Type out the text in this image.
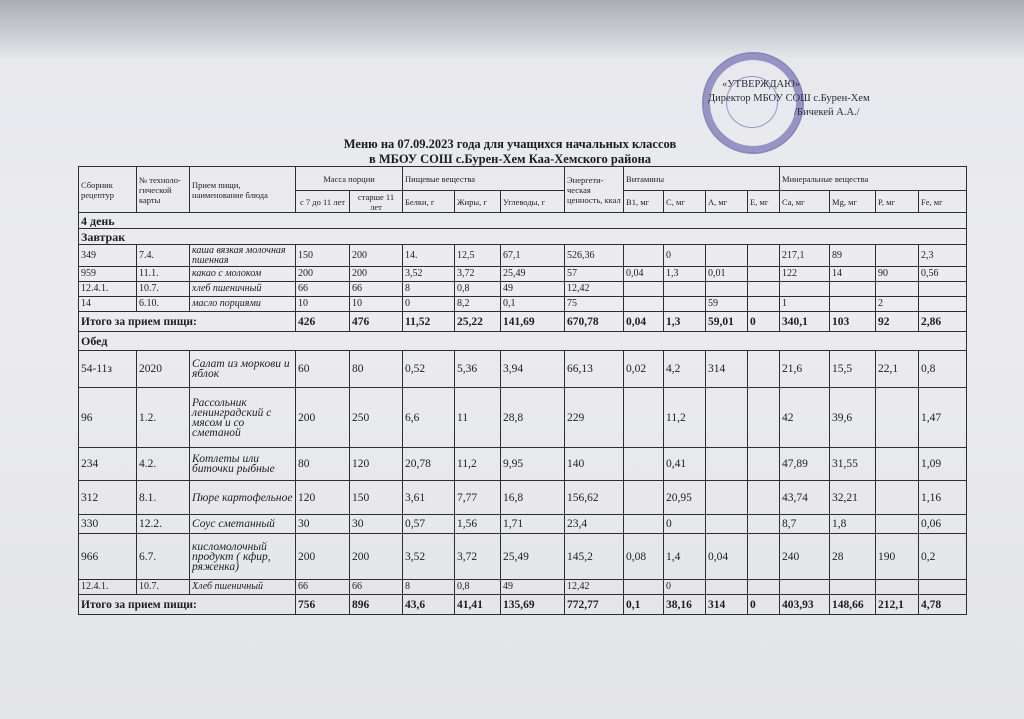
«УТВЕРЖДАЮ»
Директор МБОУ СОШ с.Бурен-Хем
/Бичекей А.А./
Меню на 07.09.2023 года для учащихся начальных классов
в МБОУ СОШ с.Бурен-Хем Каа-Хемского района
Сборник рецептур	№ техноло-гической карты	Прием пищи, наименование блюда	Масса порции		Пищевые вещества			Энергети-ческая ценность, ккал	Витамины				Минеральные вещества			
			с 7 до 11 лет	старше 11 лет	Белки, г	Жиры, г	Углеводы, г		В1, мг	С, мг	А, мг	Е, мг	Ca, мг	Mg, мг	P, мг	Fe, мг
4 день																
Завтрак																
349	7.4.	каша вязкая молочная пшенная	150	200	14.	12,5	67,1	526,36		0			217,1	89		2,3
959	11.1.	какао с молоком	200	200	3,52	3,72	25,49	57	0,04	1,3	0,01		122	14	90	0,56
12.4.1.	10.7.	хлеб пшеничный	66	66	8	0,8	49	12,42								
14	6.10.	масло порциями	10	10	0	8,2	0,1	75			59		1		2	
Итого за прием пищи:			426	476	11,52	25,22	141,69	670,78	0,04	1,3	59,01	0	340,1	103	92	2,86
Обед																
54-11з	2020	Салат из моркови и яблок	60	80	0,52	5,36	3,94	66,13	0,02	4,2	314		21,6	15,5	22,1	0,8
96	1.2.	Рассольник ленинградский с мясом и со сметаной	200	250	6,6	11	28,8	229		11,2			42	39,6		1,47
234	4.2.	Котлеты или биточки рыбные	80	120	20,78	11,2	9,95	140		0,41			47,89	31,55		1,09
312	8.1.	Пюре картофельное	120	150	3,61	7,77	16,8	156,62		20,95			43,74	32,21		1,16
330	12.2.	Соус сметанный	30	30	0,57	1,56	1,71	23,4		0			8,7	1,8		0,06
966	6.7.	кисломолочный продукт ( кфир, ряженка)	200	200	3,52	3,72	25,49	145,2	0,08	1,4	0,04		240	28	190	0,2
12.4.1.	10.7.	Хлеб пшеничный	66	66	8	0,8	49	12,42		0						
Итого за прием пищи:			756	896	43,6	41,41	135,69	772,77	0,1	38,16	314	0	403,93	148,66	212,1	4,78
